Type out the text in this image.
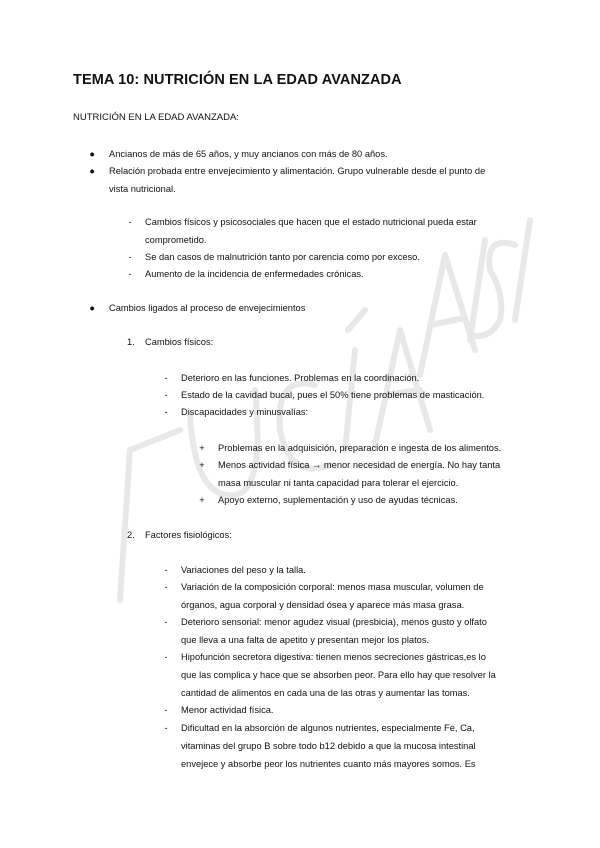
TEMA 10: NUTRICIÓN EN LA EDAD AVANZADA

NUTRICIÓN EN LA EDAD AVANZADA:

●	Ancianos de más de 65 años, y muy ancianos con más de 80 años.
●	Relación probada entre envejecimiento y alimentación. Grupo vulnerable desde el punto de
vista nutricional.
-	Cambios físicos y psicosociales que hacen que el estado nutricional pueda estar
comprometido.
-	Se dan casos de malnutrición tanto por carencia como por exceso.
-	Aumento de la incidencia de enfermedades crónicas.
●	Cambios ligados al proceso de envejecimientos
1. Cambios físicos:
-	Deterioro en las funciones. Problemas en la coordinación.
-	Estado de la cavidad bucal, pues el 50% tiene problemas de masticación.
-	Discapacidades y minusvalías:
+	Problemas en la adquisición, preparación e ingesta de los alimentos.
+	Menos actividad física → menor necesidad de energía. No hay tanta
masa muscular ni tanta capacidad para tolerar el ejercicio.
+	Apoyo externo, suplementación y uso de ayudas técnicas.
2. Factores fisiológicos:
-	Variaciones del peso y la talla.
-	Variación de la composición corporal: menos masa muscular, volumen de
órganos, agua corporal y densidad ósea y aparece más masa grasa.
-	Deterioro sensorial: menor agudez visual (presbicia), menos gusto y olfato
que lleva a una falta de apetito y presentan mejor los platos.
-	Hipofunción secretora digestiva: tienen menos secreciones gástricas,es lo
que las complica y hace que se absorben peor. Para ello hay que resolver la
cantidad de alimentos en cada una de las otras y aumentar las tomas.
-	Menor actividad física.
-	Dificultad en la absorción de algunos nutrientes, especialmente Fe, Ca,
vitaminas del grupo B sobre todo b12 debido a que la mucosa intestinal
envejece y absorbe peor los nutrientes cuanto más mayores somos. Es
